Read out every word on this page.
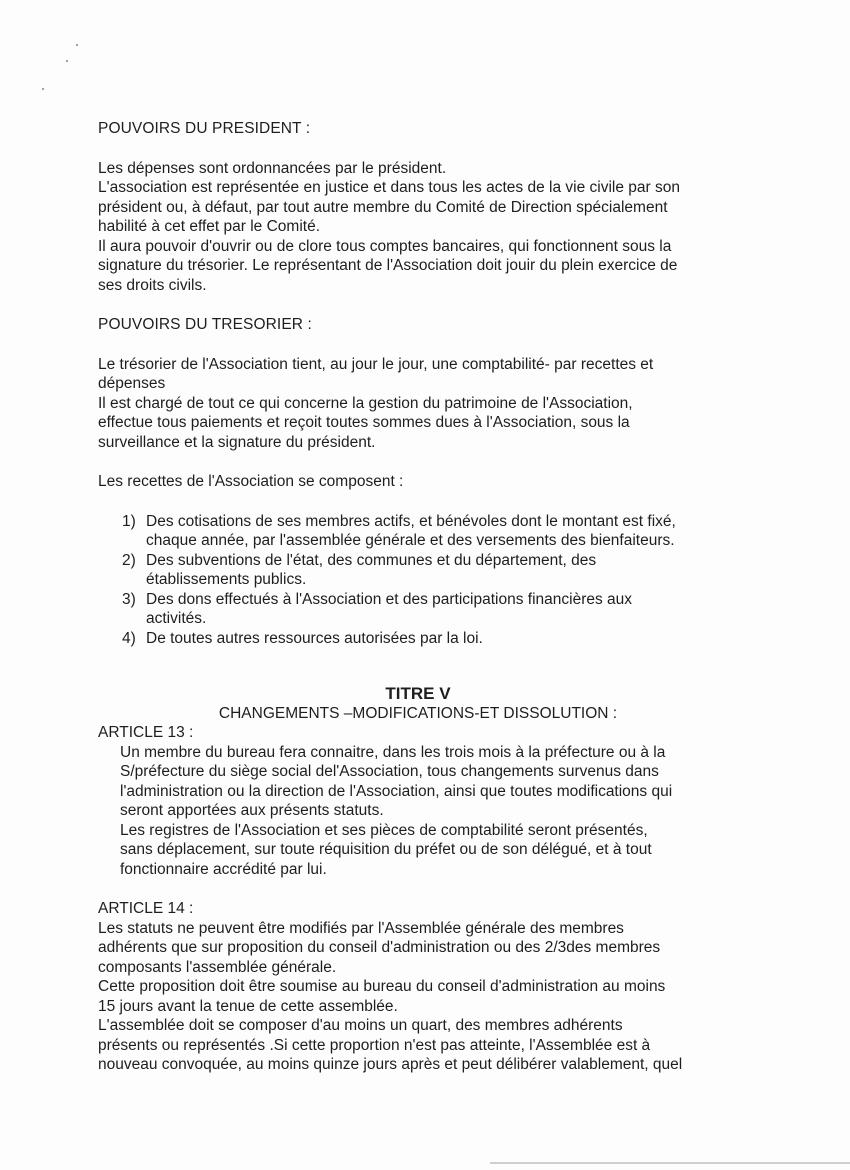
POUVOIRS DU PRESIDENT :

Les dépenses sont ordonnancées par le président.
L'association est représentée en justice et dans tous les actes de la vie civile par son
président ou, à défaut, par tout autre membre du Comité de Direction spécialement
habilité à cet effet par le Comité.
Il aura pouvoir d'ouvrir ou de clore tous comptes bancaires, qui fonctionnent sous la
signature du trésorier. Le représentant de l'Association doit jouir du plein exercice de
ses droits civils.

POUVOIRS DU TRESORIER :

Le trésorier de l'Association tient, au jour le jour, une comptabilité- par recettes et
dépenses
Il est chargé de tout ce qui concerne la gestion du patrimoine de l'Association,
effectue tous paiements et reçoit toutes sommes dues à l'Association, sous la
surveillance et la signature du président.

Les recettes de l'Association se composent :

1) Des cotisations de ses membres actifs, et bénévoles dont le montant est fixé,
chaque année, par l'assemblée générale et des versements des bienfaiteurs.
2) Des subventions de l'état, des communes et du département, des
établissements publics.
3) Des dons effectués à l'Association et des participations financières aux
activités.
4) De toutes autres ressources autorisées par la loi.

TITRE V

CHANGEMENTS –MODIFICATIONS-ET DISSOLUTION :

ARTICLE 13 :

Un membre du bureau fera connaitre, dans les trois mois à la préfecture ou à la
S/préfecture du siège social del'Association, tous changements survenus dans
l'administration ou la direction de l'Association, ainsi que toutes modifications qui
seront apportées aux présents statuts.
Les registres de l'Association et ses pièces de comptabilité seront présentés,
sans déplacement, sur toute réquisition du préfet ou de son délégué, et à tout
fonctionnaire accrédité par lui.

ARTICLE 14 :

Les statuts ne peuvent être modifiés par l'Assemblée générale des membres
adhérents que sur proposition du conseil d'administration ou des 2/3des membres
composants l'assemblée générale.
Cette proposition doit être soumise au bureau du conseil d'administration au moins
15 jours avant la tenue de cette assemblée.
L'assemblée doit se composer d'au moins un quart, des membres adhérents
présents ou représentés .Si cette proportion n'est pas atteinte, l'Assemblée est à
nouveau convoquée, au moins quinze jours après et peut délibérer valablement, quel
